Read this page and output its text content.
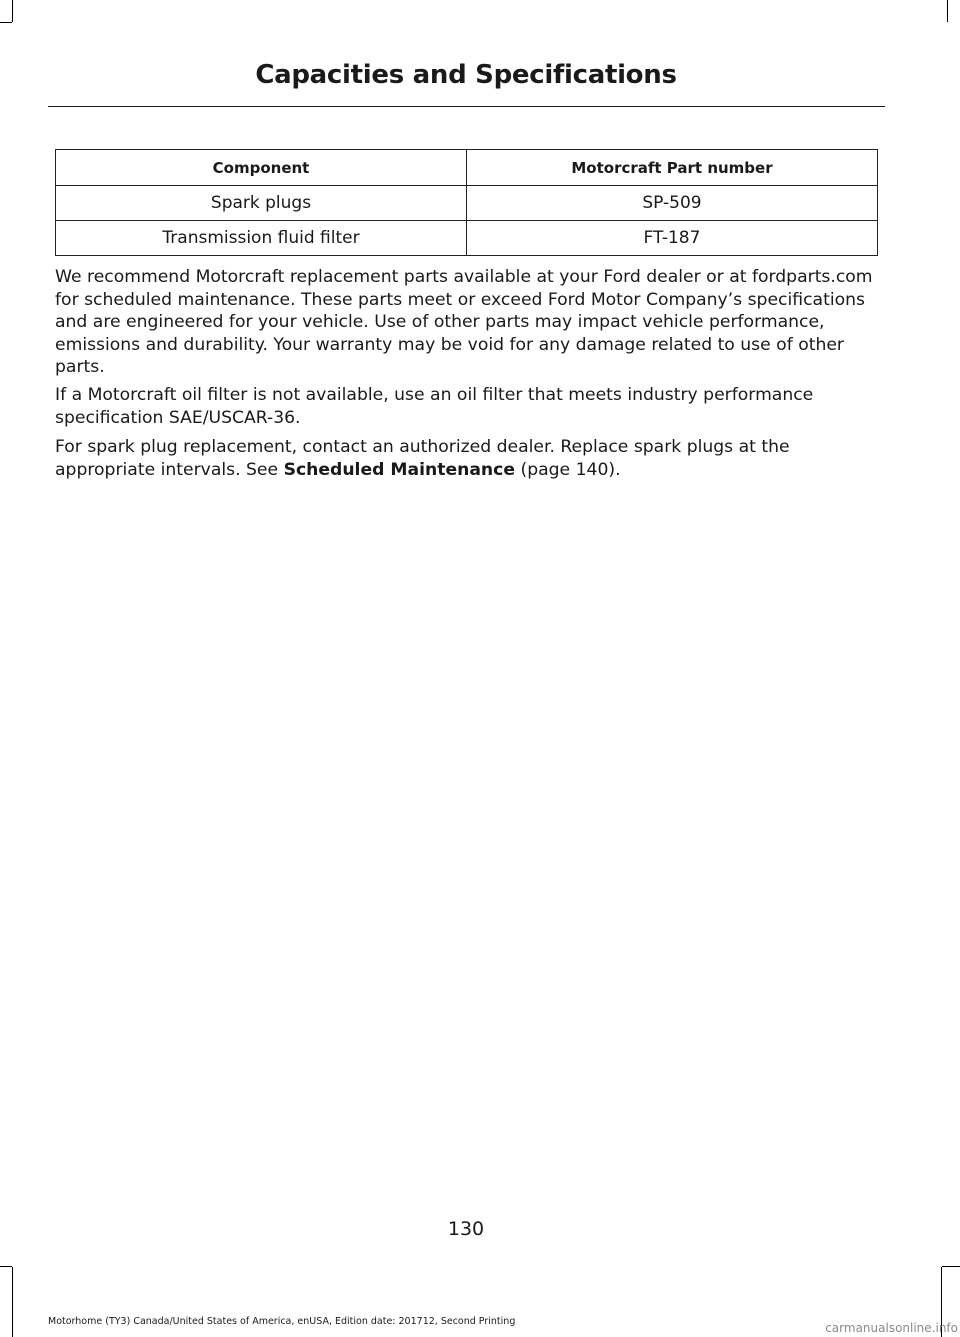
Capacities and Specifications
Component	Motorcraft Part number
Spark plugs	SP-509
Transmission fluid filter	FT-187

We recommend Motorcraft replacement parts available at your Ford dealer or at fordparts.com for scheduled maintenance. These parts meet or exceed Ford Motor Company’s specifications and are engineered for your vehicle. Use of other parts may impact vehicle performance, emissions and durability. Your warranty may be void for any damage related to use of other parts.

If a Motorcraft oil filter is not available, use an oil filter that meets industry performance specification SAE/USCAR-36.

For spark plug replacement, contact an authorized dealer. Replace spark plugs at the appropriate intervals. See Scheduled Maintenance (page 140).

130

Motorhome (TY3) Canada/United States of America, enUSA, Edition date: 201712, Second Printing	carmanualsonline.info
